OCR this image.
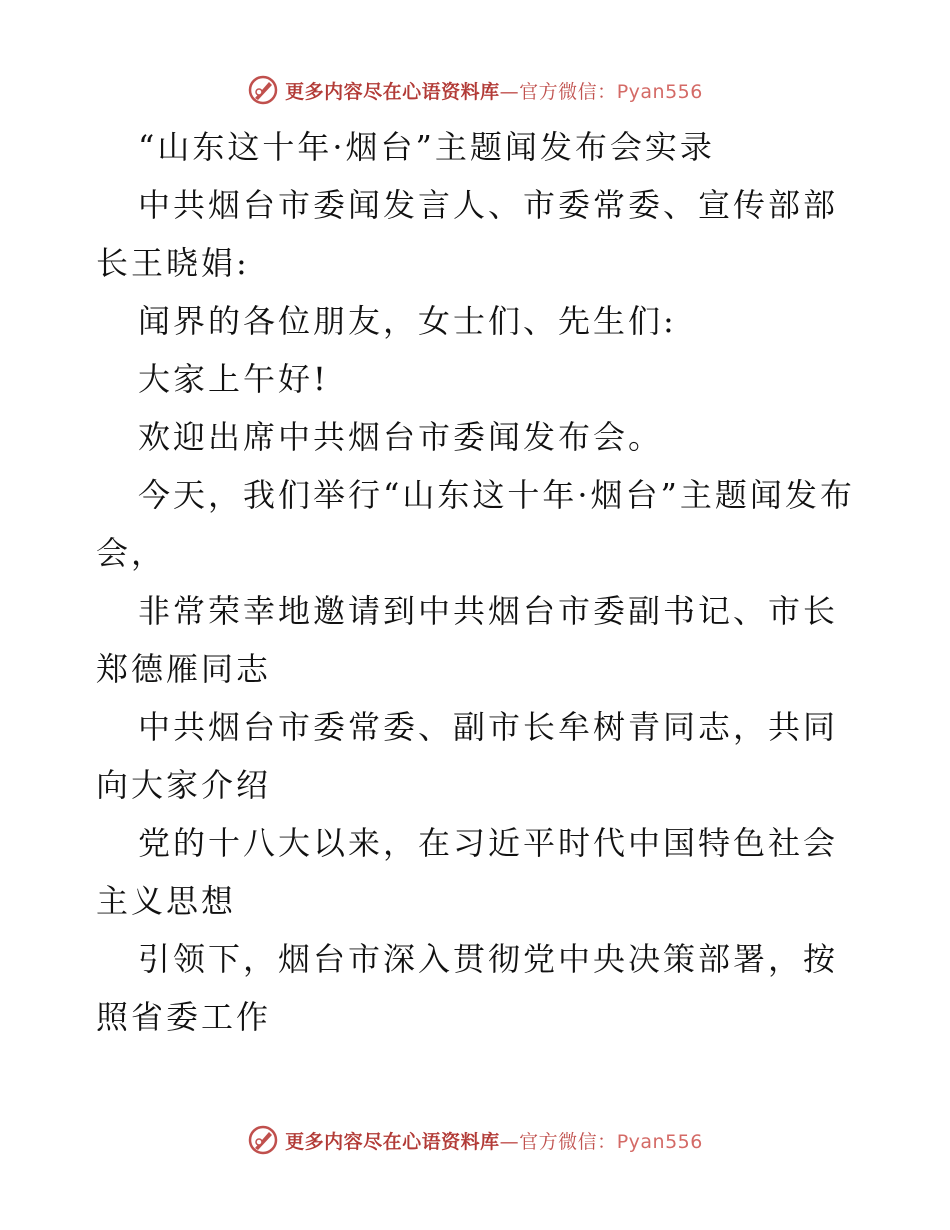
更多内容尽在心语资料库—官方微信：Pyan556

“山东这十年·烟台”主题闻发布会实录

中共烟台市委闻发言人、市委常委、宣传部部长王晓娟:

闻界的各位朋友，女士们、先生们:

大家上午好!

欢迎出席中共烟台市委闻发布会。

今天，我们举行“山东这十年·烟台”主题闻发布会，

非常荣幸地邀请到中共烟台市委副书记、市长郑德雁同志

中共烟台市委常委、副市长牟树青同志，共同向大家介绍

党的十八大以来，在习近平时代中国特色社会主义思想

引领下，烟台市深入贯彻党中央决策部署，按照省委工作

更多内容尽在心语资料库—官方微信：Pyan556
